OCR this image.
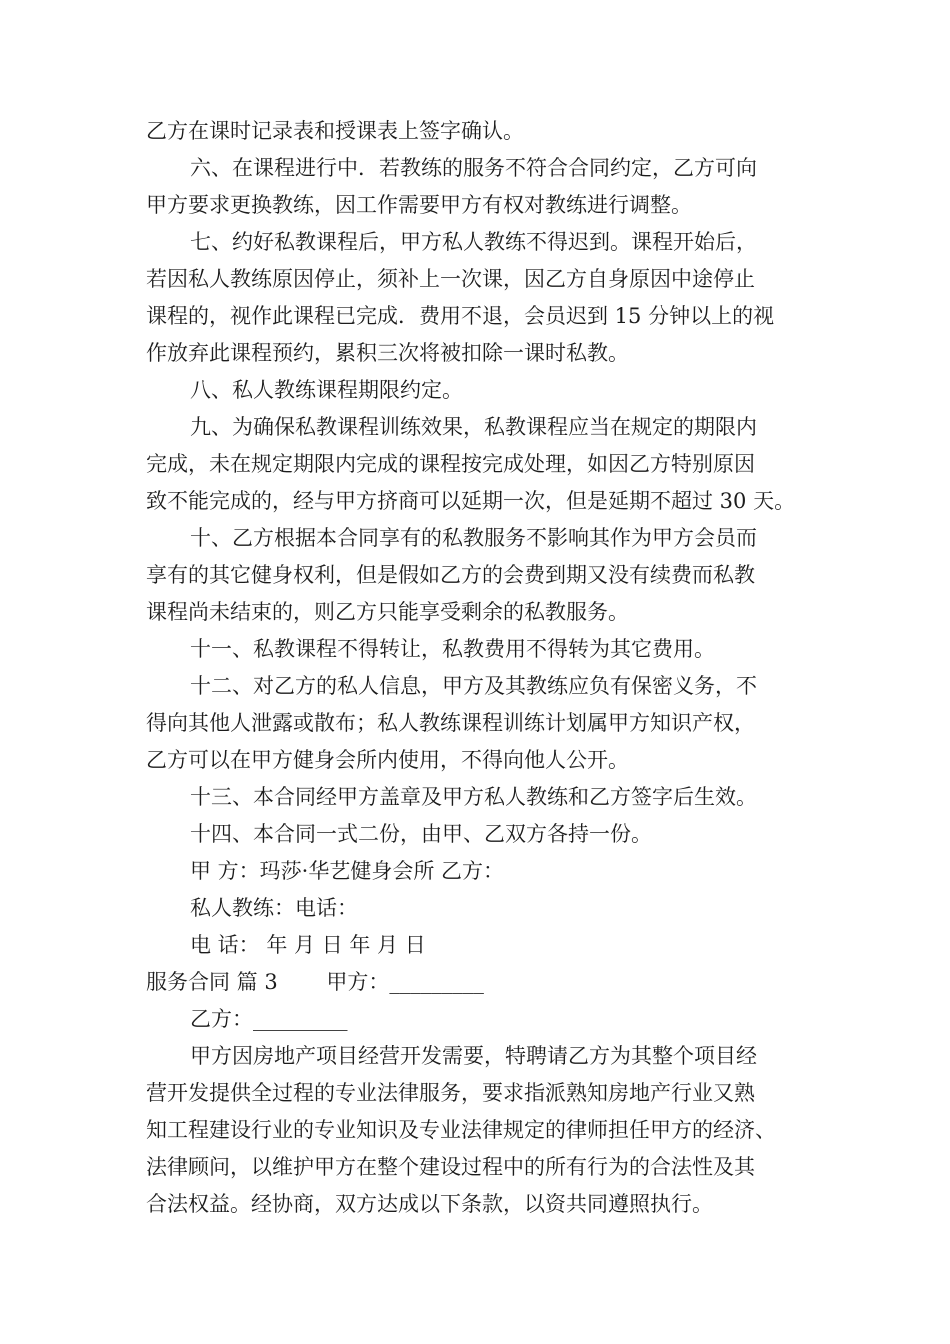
乙方在课时记录表和授课表上签字确认。
六、在课程进行中．若教练的服务不符合合同约定，乙方可向
甲方要求更换教练，因工作需要甲方有权对教练进行调整。
七、约好私教课程后，甲方私人教练不得迟到。课程开始后，
若因私人教练原因停止，须补上一次课，因乙方自身原因中途停止
课程的，视作此课程已完成．费用不退，会员迟到 15 分钟以上的视
作放弃此课程预约，累积三次将被扣除一课时私教。
八、私人教练课程期限约定。
九、为确保私教课程训练效果，私教课程应当在规定的期限内
完成，未在规定期限内完成的课程按完成处理，如因乙方特别原因
致不能完成的，经与甲方挤商可以延期一次，但是延期不超过 30 天。
十、乙方根据本合同享有的私教服务不影响其作为甲方会员而
享有的其它健身权利，但是假如乙方的会费到期又没有续费而私教
课程尚未结束的，则乙方只能享受剩余的私教服务。
十一、私教课程不得转让，私教费用不得转为其它费用。
十二、对乙方的私人信息，甲方及其教练应负有保密义务，不
得向其他人泄露或散布；私人教练课程训练计划属甲方知识产权，
乙方可以在甲方健身会所内使用，不得向他人公开。
十三、本合同经甲方盖章及甲方私人教练和乙方签字后生效。
十四、本合同一式二份，由甲、乙双方各持一份。
甲 方：玛莎·华艺健身会所 乙方：
私人教练：电话：
电 话： 年 月 日 年 月 日
服务合同 篇 3　　 甲方：_________
乙方：_________
甲方因房地产项目经营开发需要，特聘请乙方为其整个项目经
营开发提供全过程的专业法律服务，要求指派熟知房地产行业又熟
知工程建设行业的专业知识及专业法律规定的律师担任甲方的经济、
法律顾问，以维护甲方在整个建设过程中的所有行为的合法性及其
合法权益。经协商，双方达成以下条款，以资共同遵照执行。
